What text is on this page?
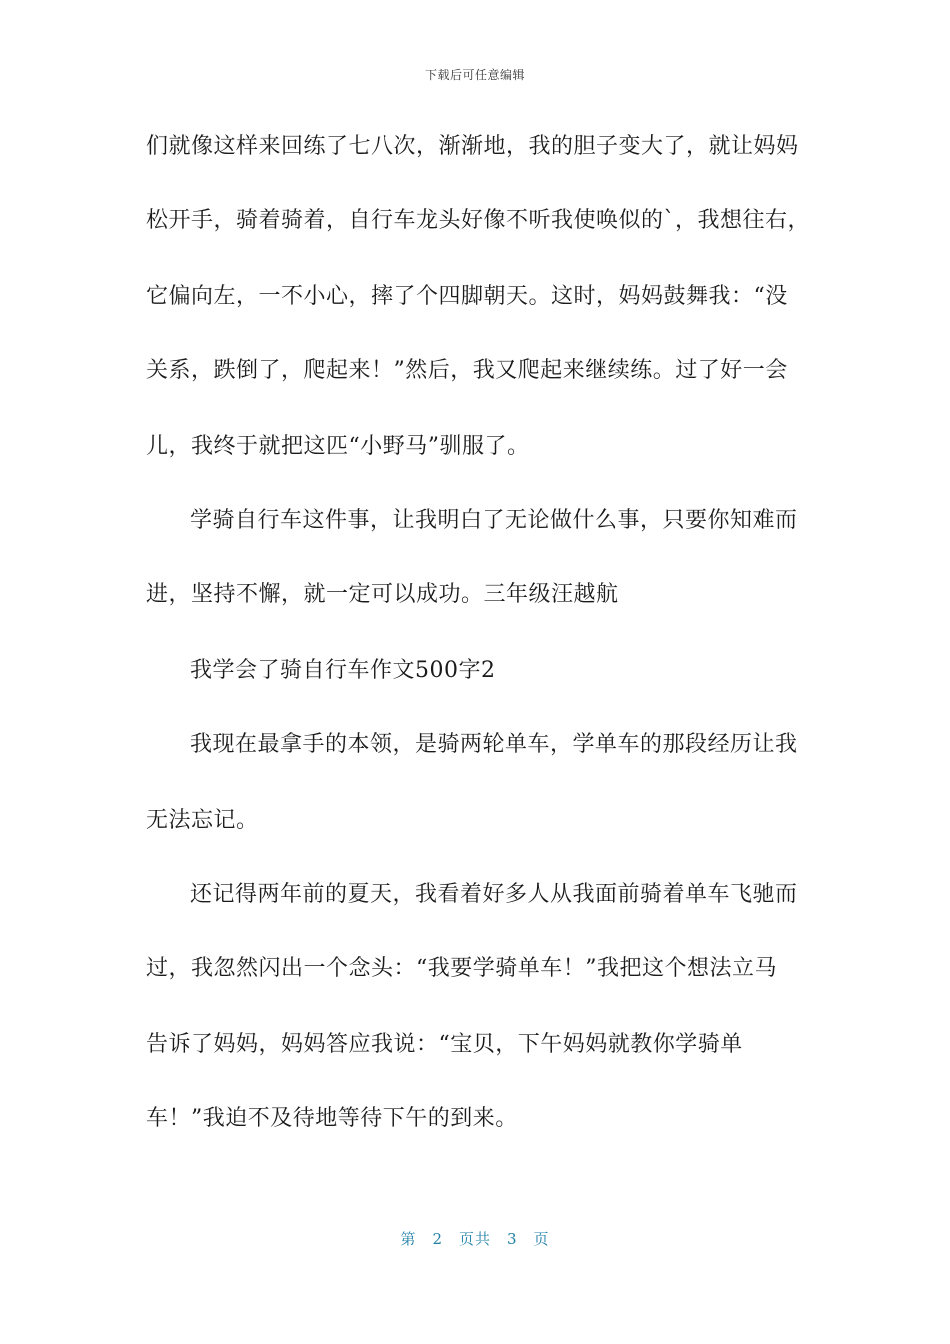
下载后可任意编辑
们就像这样来回练了七八次，渐渐地，我的胆子变大了，就让妈妈
松开手，骑着骑着，自行车龙头好像不听我使唤似的`，我想往右，
它偏向左，一不小心，摔了个四脚朝天。这时，妈妈鼓舞我：“没
关系，跌倒了，爬起来！”然后，我又爬起来继续练。过了好一会
儿，我终于就把这匹“小野马”驯服了。
学骑自行车这件事，让我明白了无论做什么事，只要你知难而
进，坚持不懈，就一定可以成功。三年级汪越航
我学会了骑自行车作文500字2
我现在最拿手的本领，是骑两轮单车，学单车的那段经历让我
无法忘记。
还记得两年前的夏天，我看着好多人从我面前骑着单车飞驰而
过，我忽然闪出一个念头：“我要学骑单车！”我把这个想法立马
告诉了妈妈，妈妈答应我说：“宝贝，下午妈妈就教你学骑单
车！”我迫不及待地等待下午的到来。
第 2 页共 3 页
